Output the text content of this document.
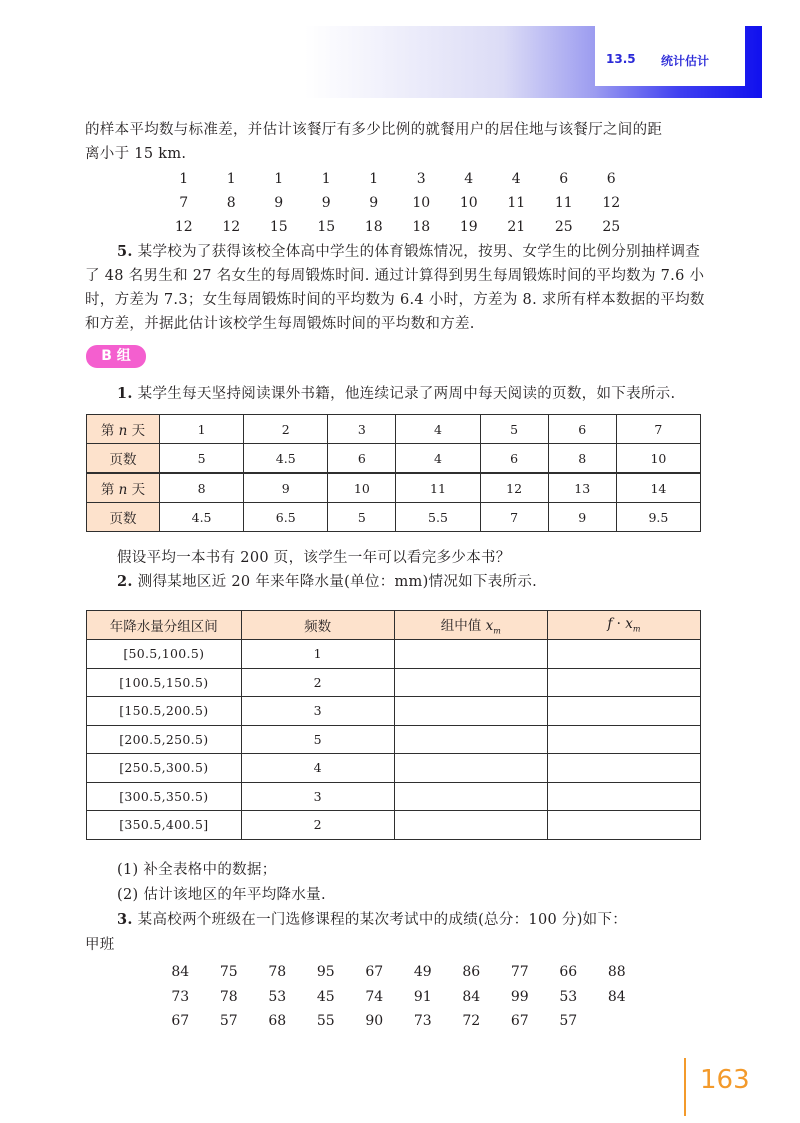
13.5 统计估计
的样本平均数与标准差，并估计该餐厅有多少比例的就餐用户的居住地与该餐厅之间的距
离小于 15 km.
1	1	1	1	1	3	4	4	6	6
7	8	9	9	9	10	10	11	11	12
12	12	15	15	18	18	19	21	25	25
5. 某学校为了获得该校全体高中学生的体育锻炼情况，按男、女学生的比例分别抽样调查了 48 名男生和 27 名女生的每周锻炼时间. 通过计算得到男生每周锻炼时间的平均数为 7.6 小时，方差为 7.3；女生每周锻炼时间的平均数为 6.4 小时，方差为 8. 求所有样本数据的平均数和方差，并据此估计该校学生每周锻炼时间的平均数和方差.
B 组
1. 某学生每天坚持阅读课外书籍，他连续记录了两周中每天阅读的页数，如下表所示.
第 n 天	1	2	3	4	5	6	7
页数	5	4.5	6	4	6	8	10
第 n 天	8	9	10	11	12	13	14
页数	4.5	6.5	5	5.5	7	9	9.5
假设平均一本书有 200 页，该学生一年可以看完多少本书？
2. 测得某地区近 20 年来年降水量(单位：mm)情况如下表所示.
年降水量分组区间	频数	组中值 $x_m$	$f \cdot x_m$
[50.5,100.5)	1		
[100.5,150.5)	2		
[150.5,200.5)	3		
[200.5,250.5)	5		
[250.5,300.5)	4		
[300.5,350.5)	3		
[350.5,400.5]	2		
(1) 补全表格中的数据；
(2) 估计该地区的年平均降水量.
3. 某高校两个班级在一门选修课程的某次考试中的成绩(总分：100 分)如下：
甲班
84	75	78	95	67	49	86	77	66	88
73	78	53	45	74	91	84	99	53	84
67	57	68	55	90	73	72	67	57
163
